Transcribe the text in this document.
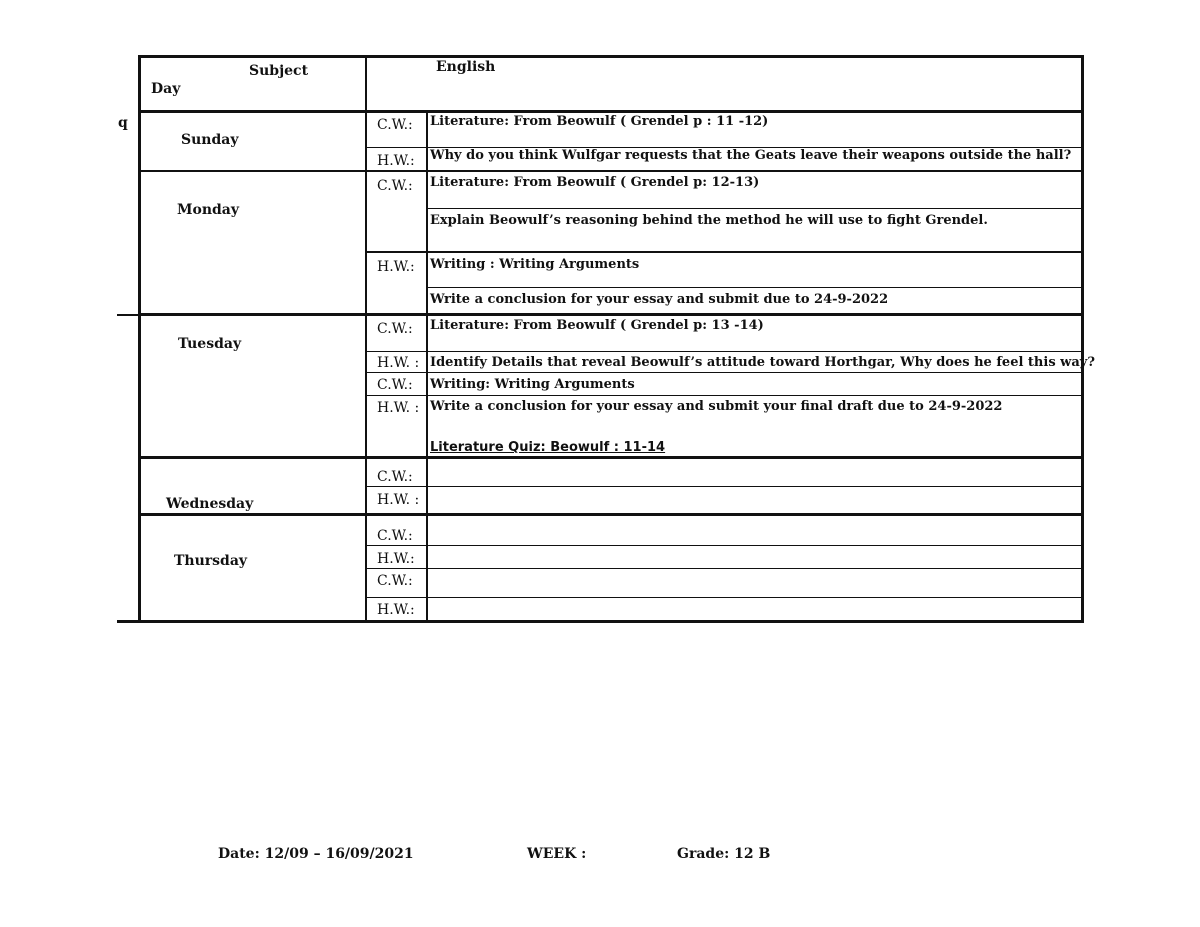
q
Subject
Day
English
Sunday
Monday
Tuesday
Wednesday
Thursday
C.W.:
H.W.:
C.W.:
H.W.:
C.W.:
H.W. :
C.W.:
H.W. :
C.W.:
H.W. :
C.W.:
H.W.:
C.W.:
H.W.:
Literature: From Beowulf ( Grendel p : 11 -12)
Why do you think Wulfgar requests that the Geats leave their weapons outside the hall?
Literature: From Beowulf ( Grendel p: 12-13)
Explain Beowulf’s reasoning behind the method he will use to fight Grendel.
Writing : Writing Arguments
Write a conclusion for your essay and submit due to 24-9-2022
Literature: From Beowulf ( Grendel p: 13 -14)
Identify Details that reveal Beowulf’s attitude toward Horthgar, Why does he feel this way?
Writing: Writing Arguments
Write a conclusion for your essay and submit your final draft due to 24-9-2022
Literature Quiz: Beowulf : 11-14
Date: 12/09 – 16/09/2021	WEEK :	Grade: 12 B
